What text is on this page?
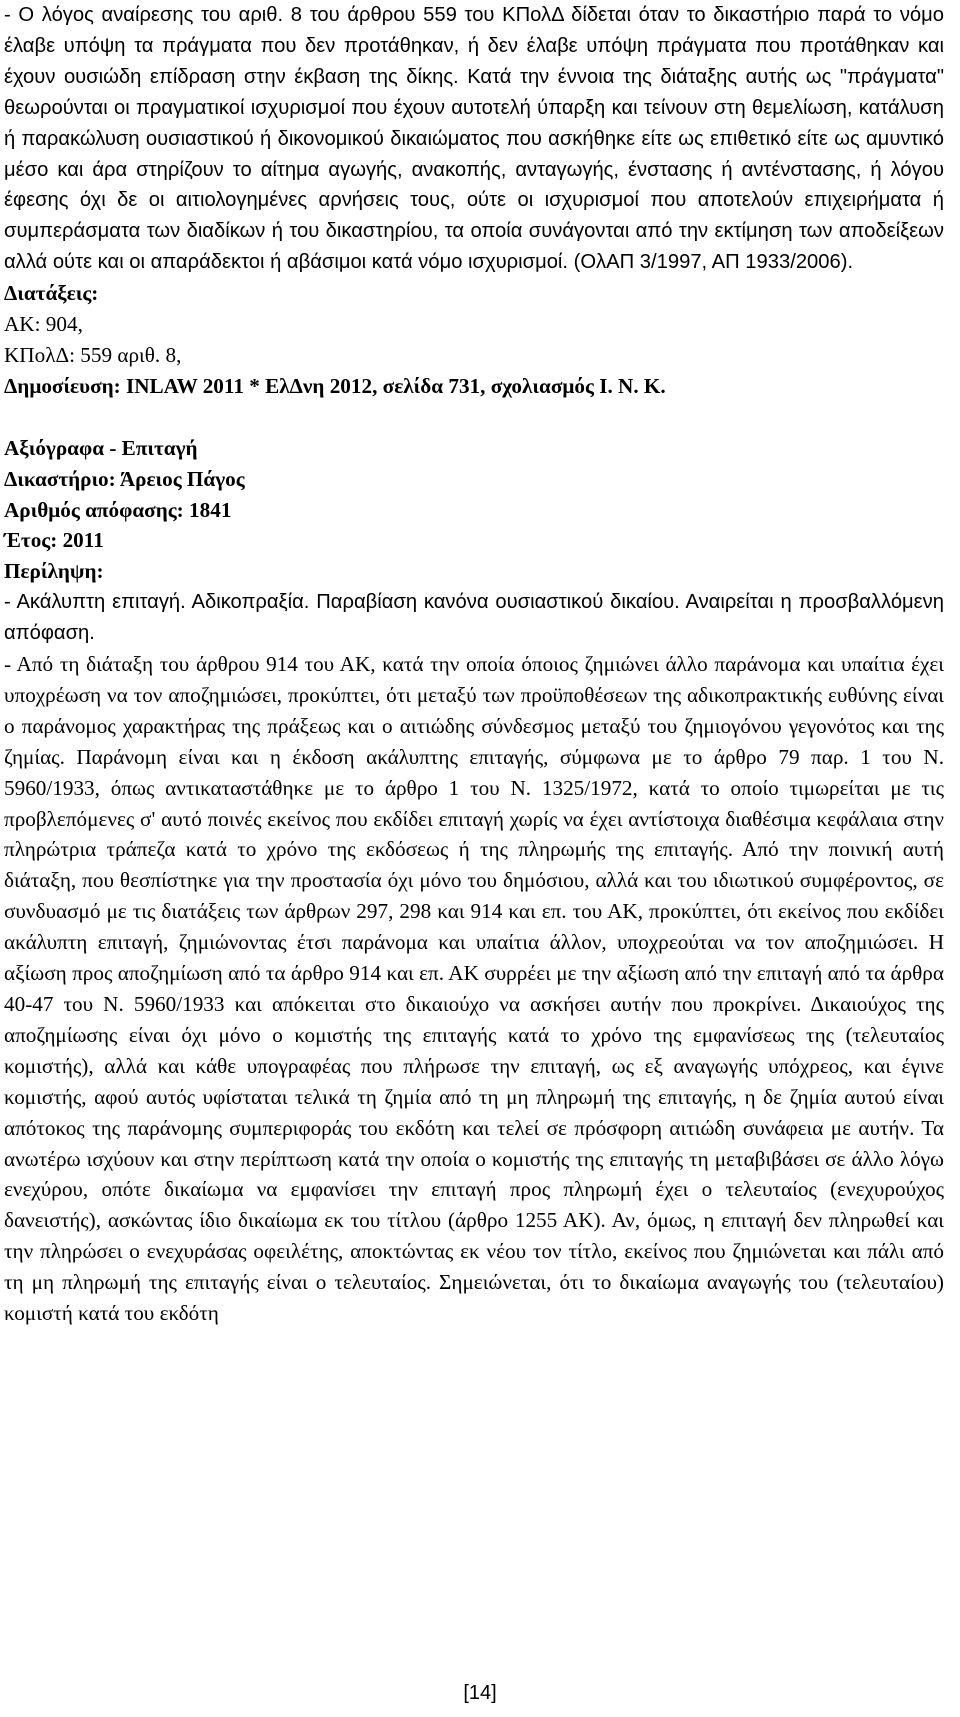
- Ο λόγος αναίρεσης του αριθ. 8 του άρθρου 559 του ΚΠολΔ δίδεται όταν το δικαστήριο παρά το νόμο έλαβε υπόψη τα πράγματα που δεν προτάθηκαν, ή δεν έλαβε υπόψη πράγματα που προτάθηκαν και έχουν ουσιώδη επίδραση στην έκβαση της δίκης. Κατά την έννοια της διάταξης αυτής ως "πράγματα" θεωρούνται οι πραγματικοί ισχυρισμοί που έχουν αυτοτελή ύπαρξη και τείνουν στη θεμελίωση, κατάλυση ή παρακώλυση ουσιαστικού ή δικονομικού δικαιώματος που ασκήθηκε είτε ως επιθετικό είτε ως αμυντικό μέσο και άρα στηρίζουν το αίτημα αγωγής, ανακοπής, ανταγωγής, ένστασης ή αντένστασης, ή λόγου έφεσης όχι δε οι αιτιολογημένες αρνήσεις τους, ούτε οι ισχυρισμοί που αποτελούν επιχειρήματα ή συμπεράσματα των διαδίκων ή του δικαστηρίου, τα οποία συνάγονται από την εκτίμηση των αποδείξεων αλλά ούτε και οι απαράδεκτοι ή αβάσιμοι κατά νόμο ισχυρισμοί. (ΟλΑΠ 3/1997, ΑΠ 1933/2006).

Διατάξεις:

ΑΚ: 904,

ΚΠολΔ: 559 αριθ. 8,

Δημοσίευση: INLAW 2011 * ΕλΔνη 2012, σελίδα 731, σχολιασμός Ι. Ν. Κ.

Αξιόγραφα - Επιταγή

Δικαστήριο: Άρειος Πάγος

Αριθμός απόφασης: 1841

Έτος: 2011

Περίληψη:

- Ακάλυπτη επιταγή. Αδικοπραξία. Παραβίαση κανόνα ουσιαστικού δικαίου. Αναιρείται η προσβαλλόμενη απόφαση.

- Από τη διάταξη του άρθρου 914 του ΑΚ, κατά την οποία όποιος ζημιώνει άλλο παράνομα και υπαίτια έχει υποχρέωση να τον αποζημιώσει, προκύπτει, ότι μεταξύ των προϋποθέσεων της αδικοπρακτικής ευθύνης είναι ο παράνομος χαρακτήρας της πράξεως και ο αιτιώδης σύνδεσμος μεταξύ του ζημιογόνου γεγονότος και της ζημίας. Παράνομη είναι και η έκδοση ακάλυπτης επιταγής, σύμφωνα με το άρθρο 79 παρ. 1 του Ν. 5960/1933, όπως αντικαταστάθηκε με το άρθρο 1 του Ν. 1325/1972, κατά το οποίο τιμωρείται με τις προβλεπόμενες σ' αυτό ποινές εκείνος που εκδίδει επιταγή χωρίς να έχει αντίστοιχα διαθέσιμα κεφάλαια στην πληρώτρια τράπεζα κατά το χρόνο της εκδόσεως ή της πληρωμής της επιταγής. Από την ποινική αυτή διάταξη, που θεσπίστηκε για την προστασία όχι μόνο του δημόσιου, αλλά και του ιδιωτικού συμφέροντος, σε συνδυασμό με τις διατάξεις των άρθρων 297, 298 και 914 και επ. του ΑΚ, προκύπτει, ότι εκείνος που εκδίδει ακάλυπτη επιταγή, ζημιώνοντας έτσι παράνομα και υπαίτια άλλον, υποχρεούται να τον αποζημιώσει. Η αξίωση προς αποζημίωση από τα άρθρο 914 και επ. ΑΚ συρρέει με την αξίωση από την επιταγή από τα άρθρα 40-47 του Ν. 5960/1933 και απόκειται στο δικαιούχο να ασκήσει αυτήν που προκρίνει. Δικαιούχος της αποζημίωσης είναι όχι μόνο ο κομιστής της επιταγής κατά το χρόνο της εμφανίσεως της (τελευταίος κομιστής), αλλά και κάθε υπογραφέας που πλήρωσε την επιταγή, ως εξ αναγωγής υπόχρεος, και έγινε κομιστής, αφού αυτός υφίσταται τελικά τη ζημία από τη μη πληρωμή της επιταγής, η δε ζημία αυτού είναι απότοκος της παράνομης συμπεριφοράς του εκδότη και τελεί σε πρόσφορη αιτιώδη συνάφεια με αυτήν. Τα ανωτέρω ισχύουν και στην περίπτωση κατά την οποία ο κομιστής της επιταγής τη μεταβιβάσει σε άλλο λόγω ενεχύρου, οπότε δικαίωμα να εμφανίσει την επιταγή προς πληρωμή έχει ο τελευταίος (ενεχυρούχος δανειστής), ασκώντας ίδιο δικαίωμα εκ του τίτλου (άρθρο 1255 ΑΚ). Αν, όμως, η επιταγή δεν πληρωθεί και την πληρώσει ο ενεχυράσας οφειλέτης, αποκτώντας εκ νέου τον τίτλο, εκείνος που ζημιώνεται και πάλι από τη μη πληρωμή της επιταγής είναι ο τελευταίος. Σημειώνεται, ότι το δικαίωμα αναγωγής του (τελευταίου) κομιστή κατά του εκδότη

[14]
